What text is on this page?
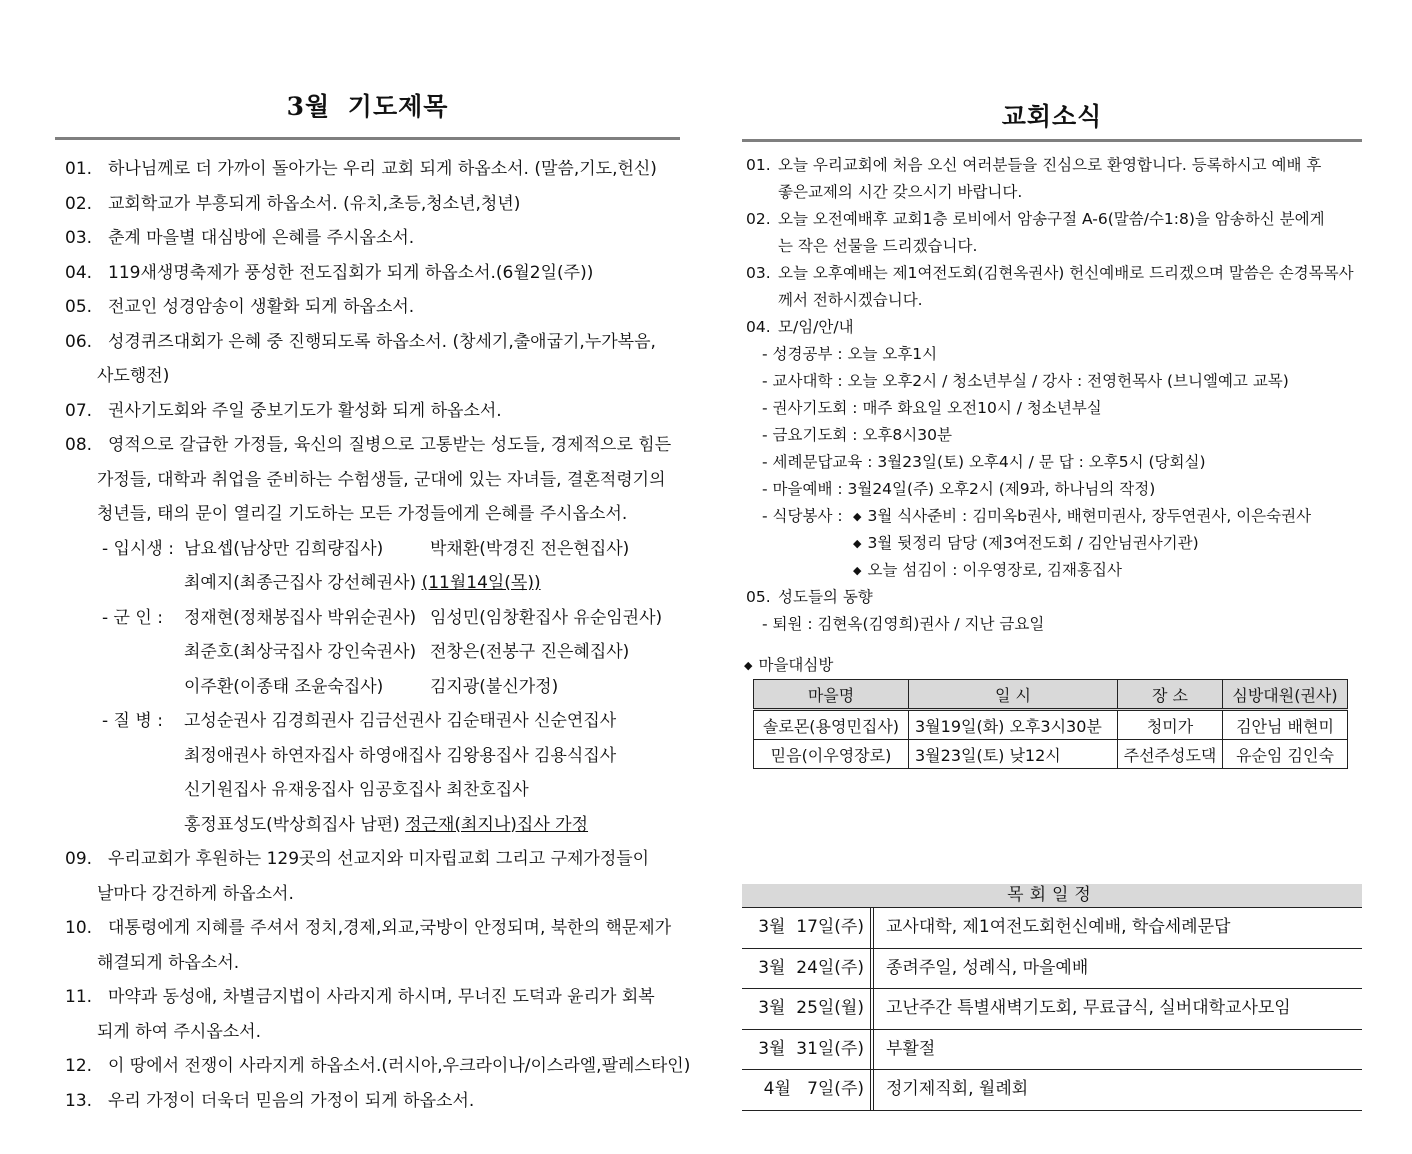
3월 기도제목
01. 하나님께로 더 가까이 돌아가는 우리 교회 되게 하옵소서. (말씀,기도,헌신)
02. 교회학교가 부흥되게 하옵소서. (유치,초등,청소년,청년)
03. 춘계 마을별 대심방에 은혜를 주시옵소서.
04. 119새생명축제가 풍성한 전도집회가 되게 하옵소서.(6월2일(주))
05. 전교인 성경암송이 생활화 되게 하옵소서.
06. 성경퀴즈대회가 은혜 중 진행되도록 하옵소서. (창세기,출애굽기,누가복음,
사도행전)
07. 권사기도회와 주일 중보기도가 활성화 되게 하옵소서.
08. 영적으로 갈급한 가정들, 육신의 질병으로 고통받는 성도들, 경제적으로 힘든
가정들, 대학과 취업을 준비하는 수험생들, 군대에 있는 자녀들, 결혼적령기의
청년들, 태의 문이 열리길 기도하는 모든 가정들에게 은혜를 주시옵소서.
- 입시생 : 남요셉(남상만 김희량집사)	박채환(박경진 전은현집사)
최예지(최종근집사 강선혜권사)
(11월14일(목))
- 군 인 :	정재현(정채봉집사 박위순권사) 임성민(임창환집사 유순임권사)
최준호(최상국집사 강인숙권사) 전창은(전봉구 진은혜집사)
이주환(이종태 조윤숙집사)	김지광(불신가정)
- 질 병 :	고성순권사 김경희권사 김금선권사 김순태권사 신순연집사
최정애권사 하연자집사 하영애집사 김왕용집사 김용식집사
신기원집사 유재웅집사 임공호집사 최찬호집사
홍정표성도(박상희집사 남편) 정근재(최지나)집사 가정
09. 우리교회가 후원하는 129곳의 선교지와 미자립교회 그리고 구제가정들이
날마다 강건하게 하옵소서.
10. 대통령에게 지혜를 주셔서 정치,경제,외교,국방이 안정되며, 북한의 핵문제가
해결되게 하옵소서.
11. 마약과 동성애, 차별금지법이 사라지게 하시며, 무너진 도덕과 윤리가 회복
되게 하여 주시옵소서.
12. 이 땅에서 전쟁이 사라지게 하옵소서.(러시아,우크라이나/이스라엘,팔레스타인)
13. 우리 가정이 더욱더 믿음의 가정이 되게 하옵소서.
교회소식
01. 오늘 우리교회에 처음 오신 여러분들을 진심으로 환영합니다. 등록하시고 예배 후
좋은교제의 시간 갖으시기 바랍니다.
02. 오늘 오전예배후 교회1층 로비에서 암송구절 A-6(말씀/수1:8)을 암송하신 분에게
는 작은 선물을 드리겠습니다.
03. 오늘 오후예배는 제1여전도회(김현옥권사) 헌신예배로 드리겠으며 말씀은 손경목목사
께서 전하시겠습니다.
04. 모/임/안/내
- 성경공부 : 오늘 오후1시
- 교사대학 : 오늘 오후2시 / 청소년부실 / 강사 : 전영헌목사 (브니엘예고 교목)
- 권사기도회 : 매주 화요일 오전10시 / 청소년부실
- 금요기도회 : 오후8시30분
- 세례문답교육 : 3월23일(토) 오후4시 / 문 답 : 오후5시 (당회실)
- 마을예배 : 3월24일(주) 오후2시 (제9과, 하나님의 작정)
- 식당봉사 : ◆ 3월 식사준비 : 김미옥b권사, 배현미권사, 장두연권사, 이은숙권사
◆ 3월 뒷정리 담당 (제3여전도회 / 김안님권사기관)
◆ 오늘 섬김이 : 이우영장로, 김재홍집사
05. 성도들의 동향
- 퇴원 : 김현옥(김영희)권사 / 지난 금요일
◆ 마을대심방
마을명	일 시	장 소	심방대원(권사)
솔로몬(용영민집사)	3월19일(화) 오후3시30분	청미가	김안님 배현미
믿음(이우영장로)	3월23일(토) 낮12시	주선주성도댁	유순임 김인숙
목회일정
3월  17일(주)	교사대학, 제1여전도회헌신예배, 학습세례문답
3월  24일(주)	종려주일, 성례식, 마을예배
3월  25일(월)	고난주간 특별새벽기도회, 무료급식, 실버대학교사모임
3월  31일(주)	부활절
4월   7일(주)	정기제직회, 월례회
